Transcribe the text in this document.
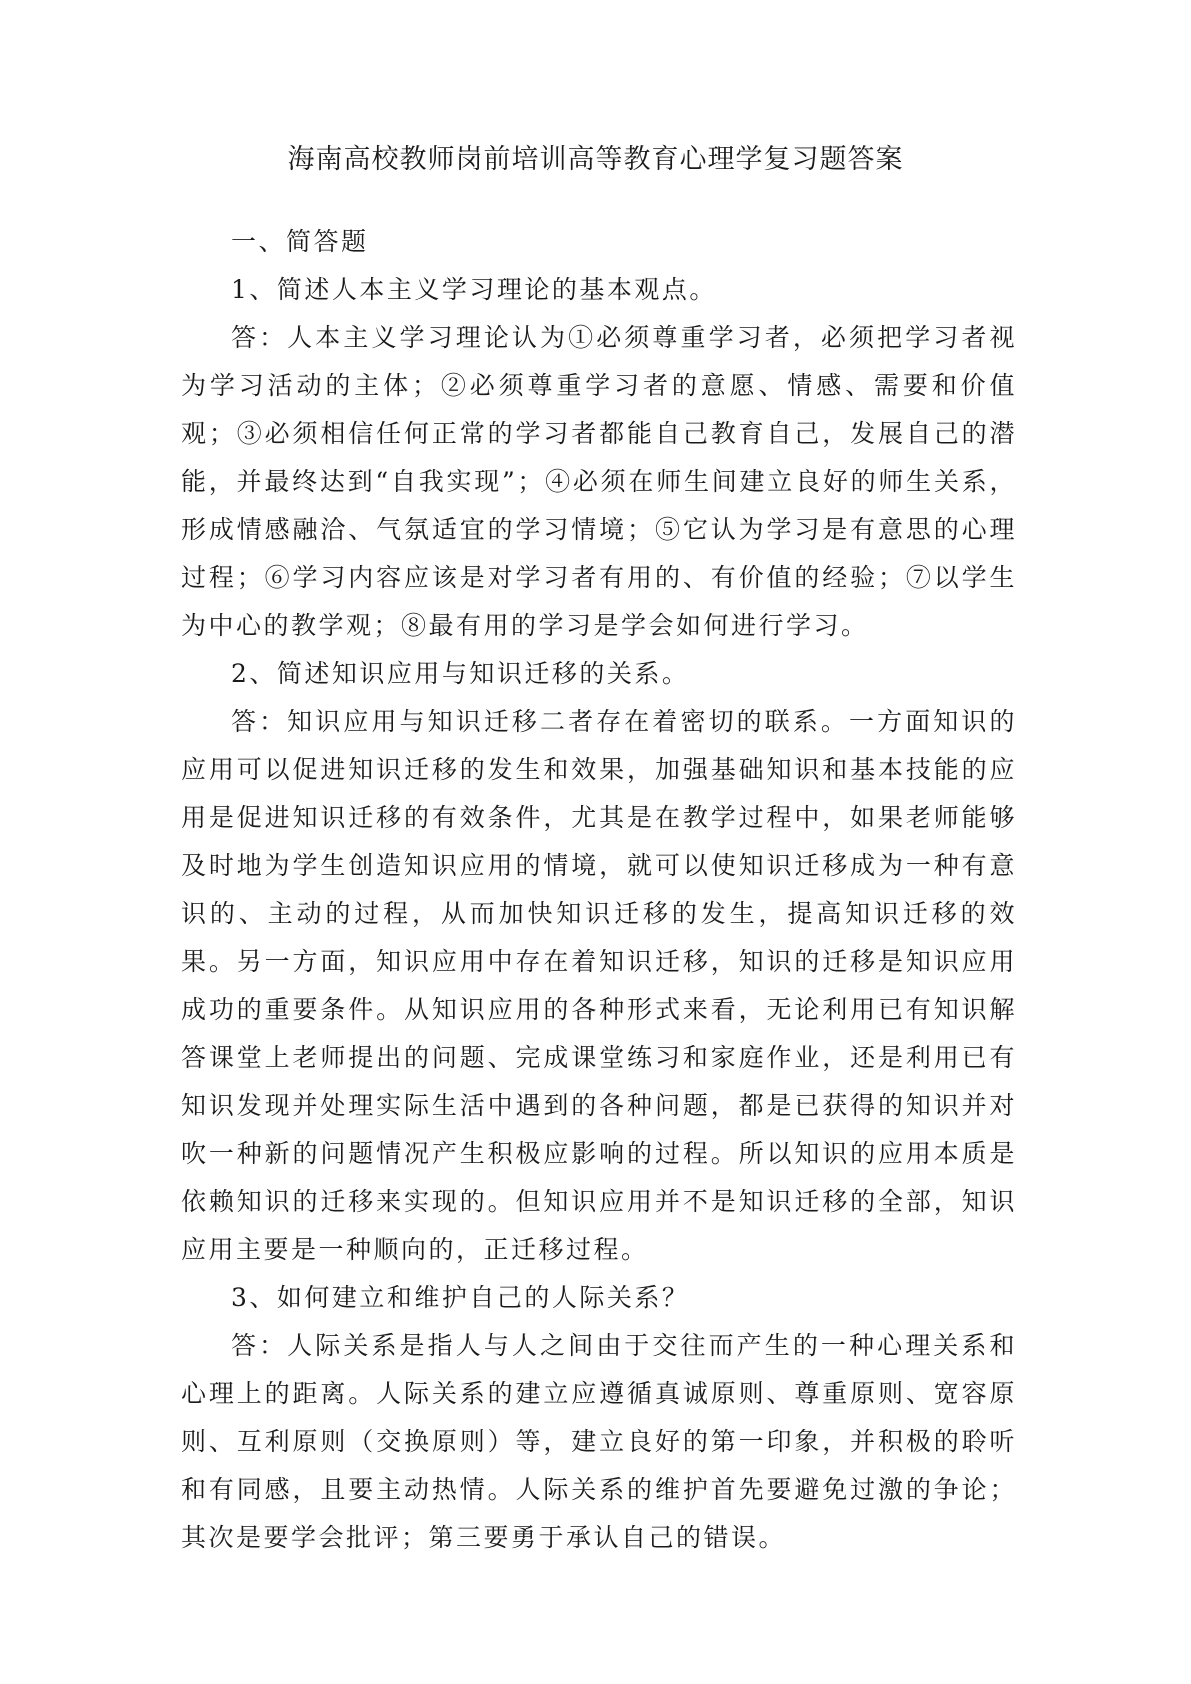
海南高校教师岗前培训高等教育心理学复习题答案

一、简答题

1、简述人本主义学习理论的基本观点。

答：人本主义学习理论认为①必须尊重学习者，必须把学习者视为学习活动的主体；②必须尊重学习者的意愿、情感、需要和价值观；③必须相信任何正常的学习者都能自己教育自己，发展自己的潜能，并最终达到“自我实现”；④必须在师生间建立良好的师生关系，形成情感融洽、气氛适宜的学习情境；⑤它认为学习是有意思的心理过程；⑥学习内容应该是对学习者有用的、有价值的经验；⑦以学生为中心的教学观；⑧最有用的学习是学会如何进行学习。

2、简述知识应用与知识迁移的关系。

答：知识应用与知识迁移二者存在着密切的联系。一方面知识的应用可以促进知识迁移的发生和效果，加强基础知识和基本技能的应用是促进知识迁移的有效条件，尤其是在教学过程中，如果老师能够及时地为学生创造知识应用的情境，就可以使知识迁移成为一种有意识的、主动的过程，从而加快知识迁移的发生，提高知识迁移的效果。另一方面，知识应用中存在着知识迁移，知识的迁移是知识应用成功的重要条件。从知识应用的各种形式来看，无论利用已有知识解答课堂上老师提出的问题、完成课堂练习和家庭作业，还是利用已有知识发现并处理实际生活中遇到的各种问题，都是已获得的知识并对吹一种新的问题情况产生积极应影响的过程。所以知识的应用本质是依赖知识的迁移来实现的。但知识应用并不是知识迁移的全部，知识应用主要是一种顺向的，正迁移过程。

3、如何建立和维护自己的人际关系？

答：人际关系是指人与人之间由于交往而产生的一种心理关系和心理上的距离。人际关系的建立应遵循真诚原则、尊重原则、宽容原则、互利原则（交换原则）等，建立良好的第一印象，并积极的聆听和有同感，且要主动热情。人际关系的维护首先要避免过激的争论；其次是要学会批评；第三要勇于承认自己的错误。
